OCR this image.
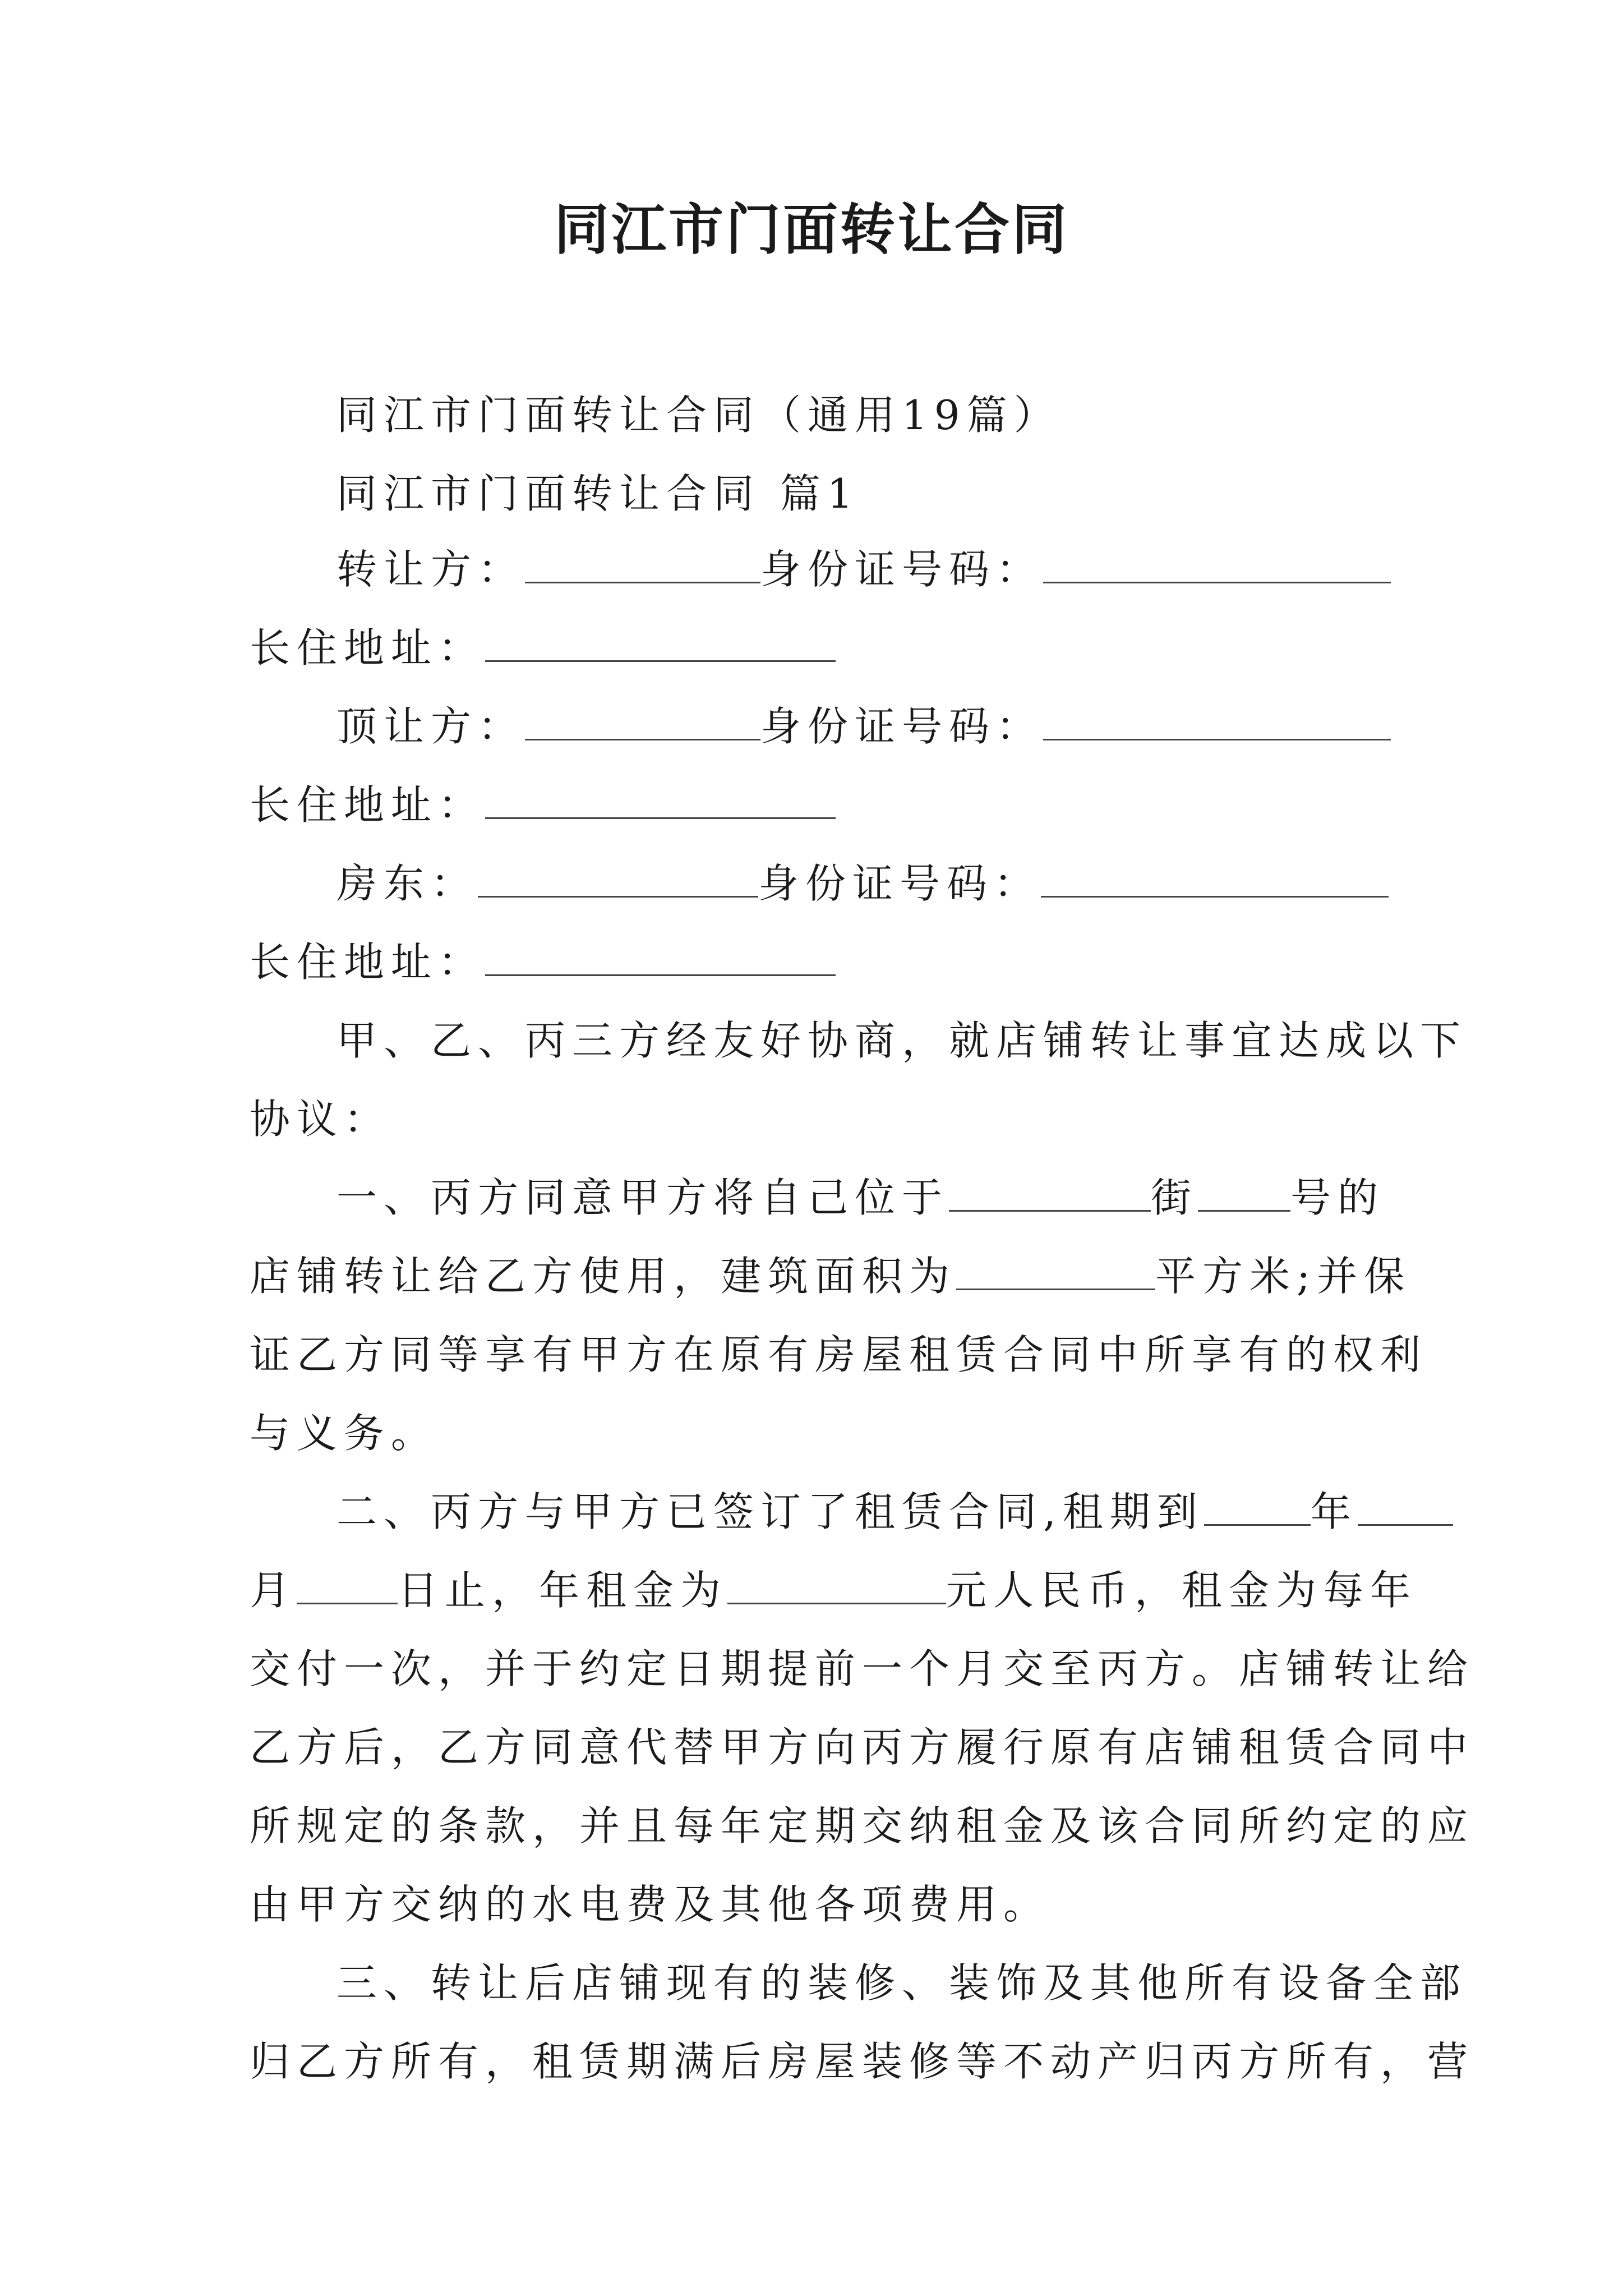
同江市门面转让合同
同江市门面转让合同（通用19篇）
同江市门面转让合同 篇1
转让方：	身份证号码：
长住地址：
顶让方：	身份证号码：
长住地址：
房东：	身份证号码：
长住地址：
甲、乙、丙三方经友好协商，就店铺转让事宜达成以下
协议：
一、丙方同意甲方将自己位于	街 号的
店铺转让给乙方使用，建筑面积为	平方米;并保
证乙方同等享有甲方在原有房屋租赁合同中所享有的权利
与义务。
二、丙方与甲方已签订了租赁合同,租期到	年
月	日止，年租金为	元人民币，租金为每年
交付一次，并于约定日期提前一个月交至丙方。店铺转让给
乙方后，乙方同意代替甲方向丙方履行原有店铺租赁合同中
所规定的条款，并且每年定期交纳租金及该合同所约定的应
由甲方交纳的水电费及其他各项费用。
三、转让后店铺现有的装修、装饰及其他所有设备全部
归乙方所有，租赁期满后房屋装修等不动产归丙方所有，营
